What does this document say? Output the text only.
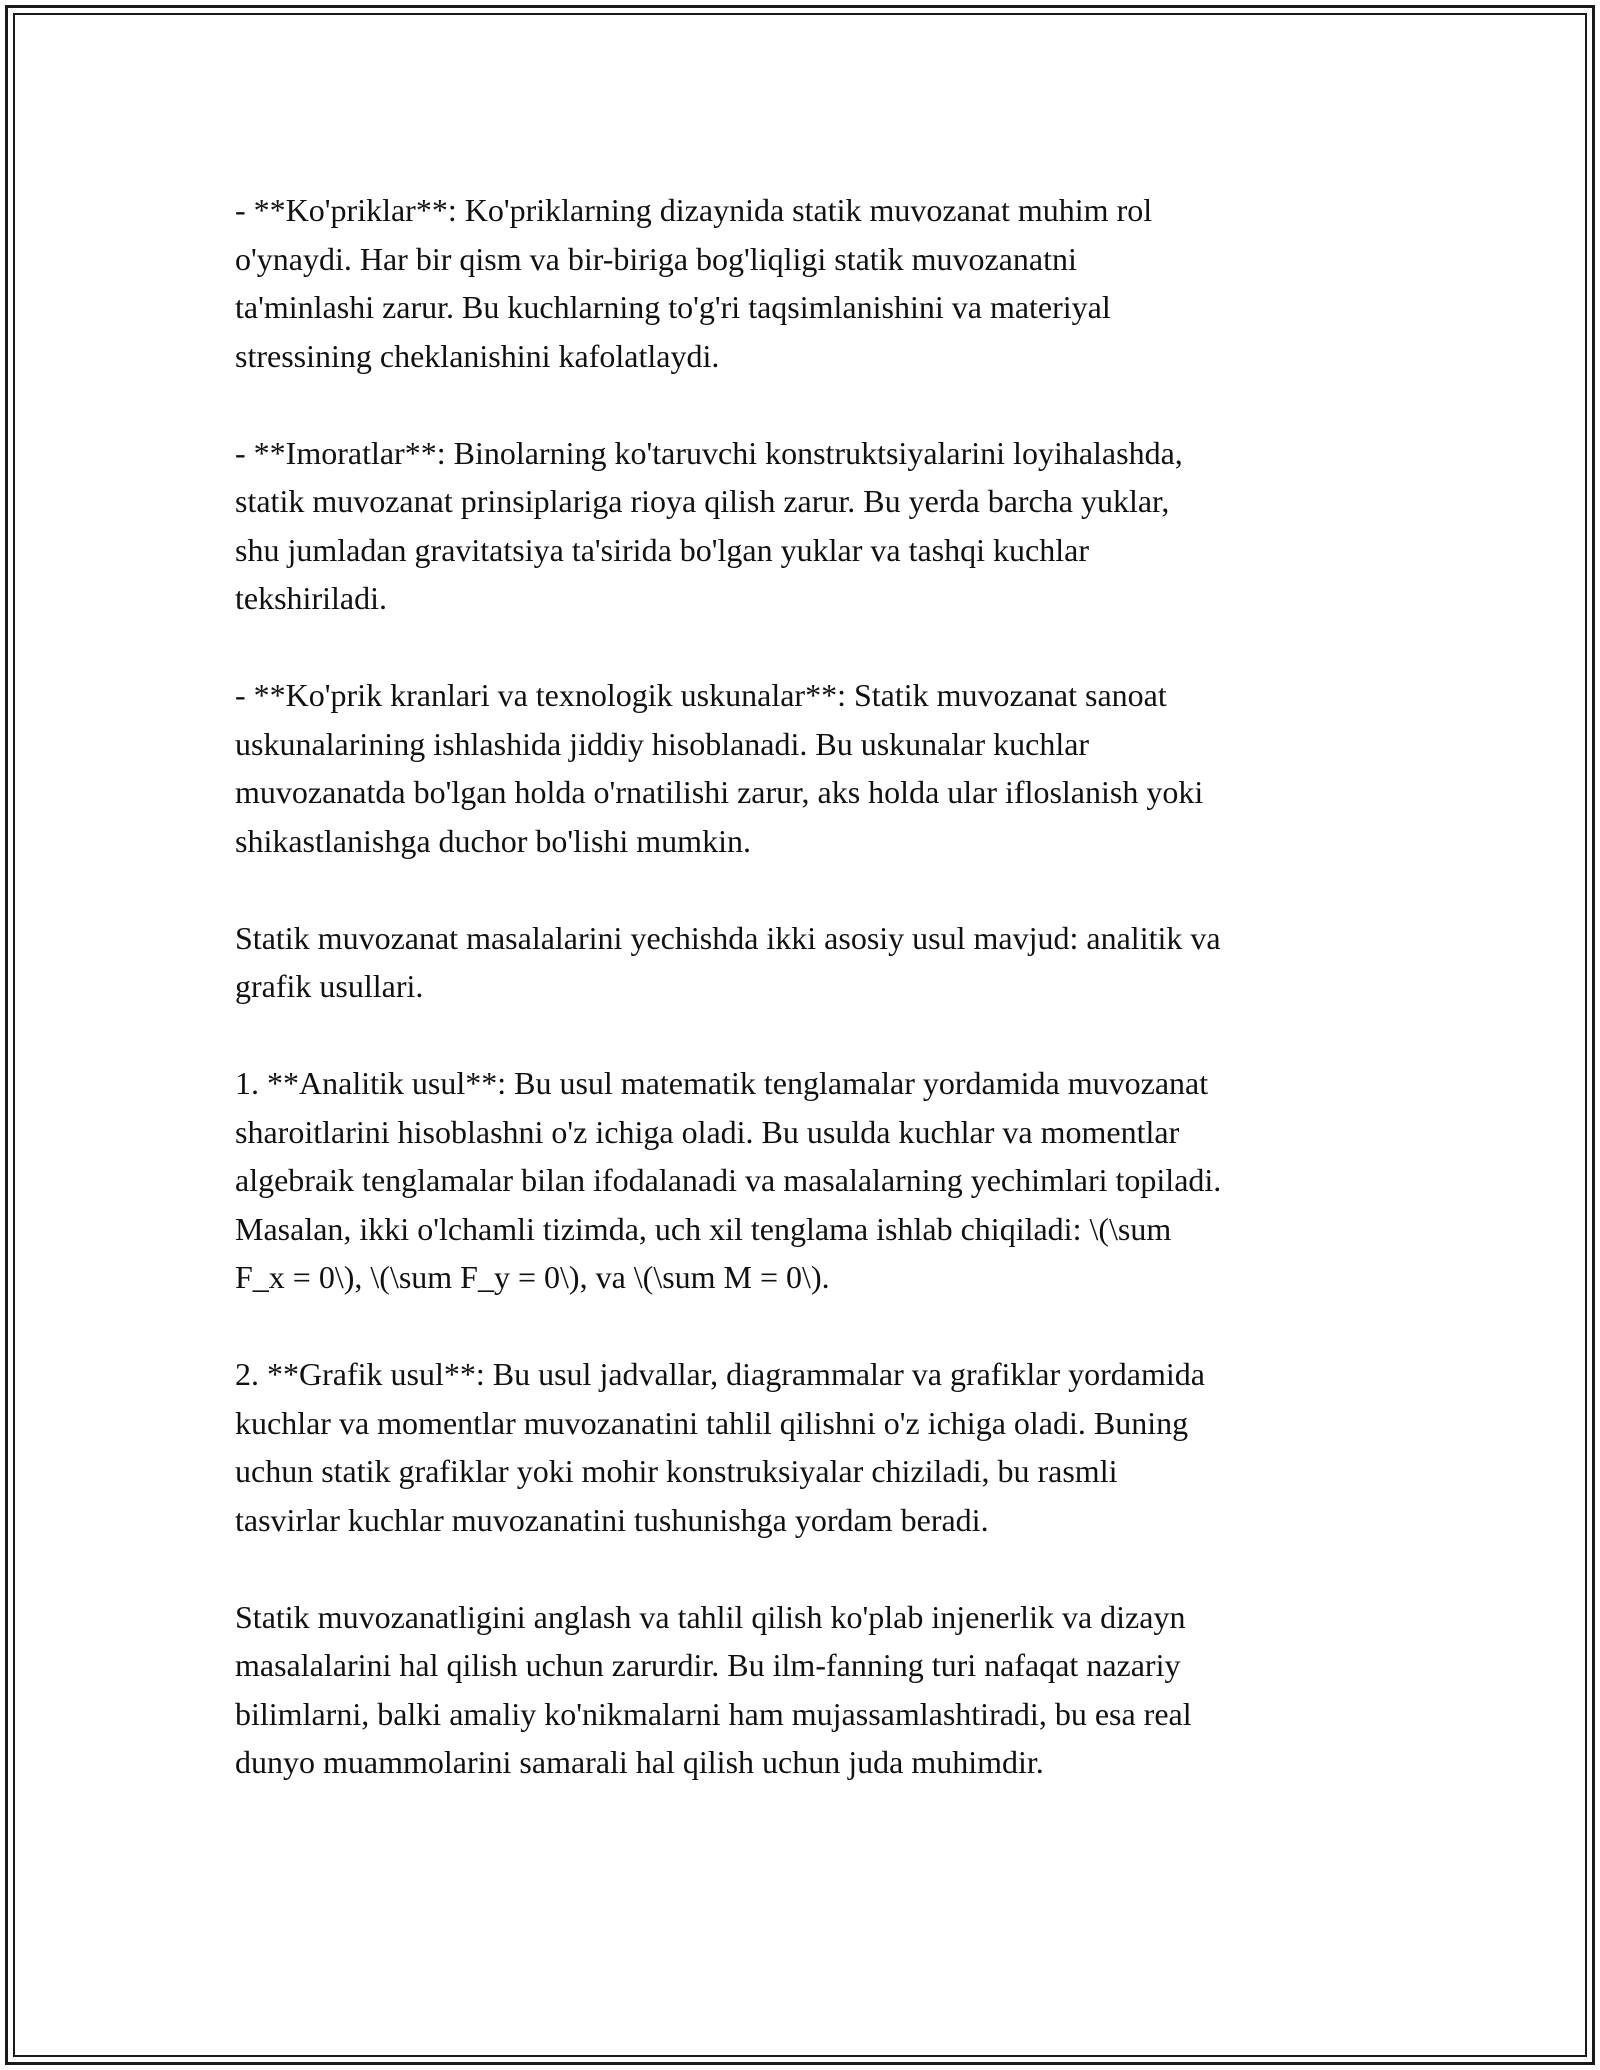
- **Ko'priklar**: Ko'priklarning dizaynida statik muvozanat muhim rol
o'ynaydi. Har bir qism va bir-biriga bog'liqligi statik muvozanatni
ta'minlashi zarur. Bu kuchlarning to'g'ri taqsimlanishini va materiyal
stressining cheklanishini kafolatlaydi.

- **Imoratlar**: Binolarning ko'taruvchi konstruktsiyalarini loyihalashda,
statik muvozanat prinsiplariga rioya qilish zarur. Bu yerda barcha yuklar,
shu jumladan gravitatsiya ta'sirida bo'lgan yuklar va tashqi kuchlar
tekshiriladi.

- **Ko'prik kranlari va texnologik uskunalar**: Statik muvozanat sanoat
uskunalarining ishlashida jiddiy hisoblanadi. Bu uskunalar kuchlar
muvozanatda bo'lgan holda o'rnatilishi zarur, aks holda ular ifloslanish yoki
shikastlanishga duchor bo'lishi mumkin.

Statik muvozanat masalalarini yechishda ikki asosiy usul mavjud: analitik va
grafik usullari.

1. **Analitik usul**: Bu usul matematik tenglamalar yordamida muvozanat
sharoitlarini hisoblashni o'z ichiga oladi. Bu usulda kuchlar va momentlar
algebraik tenglamalar bilan ifodalanadi va masalalarning yechimlari topiladi.
Masalan, ikki o'lchamli tizimda, uch xil tenglama ishlab chiqiladi: \(\sum
F_x = 0\), \(\sum F_y = 0\), va \(\sum M = 0\).

2. **Grafik usul**: Bu usul jadvallar, diagrammalar va grafiklar yordamida
kuchlar va momentlar muvozanatini tahlil qilishni o'z ichiga oladi. Buning
uchun statik grafiklar yoki mohir konstruksiyalar chiziladi, bu rasmli
tasvirlar kuchlar muvozanatini tushunishga yordam beradi.

Statik muvozanatligini anglash va tahlil qilish ko'plab injenerlik va dizayn
masalalarini hal qilish uchun zarurdir. Bu ilm-fanning turi nafaqat nazariy
bilimlarni, balki amaliy ko'nikmalarni ham mujassamlashtiradi, bu esa real
dunyo muammolarini samarali hal qilish uchun juda muhimdir.
